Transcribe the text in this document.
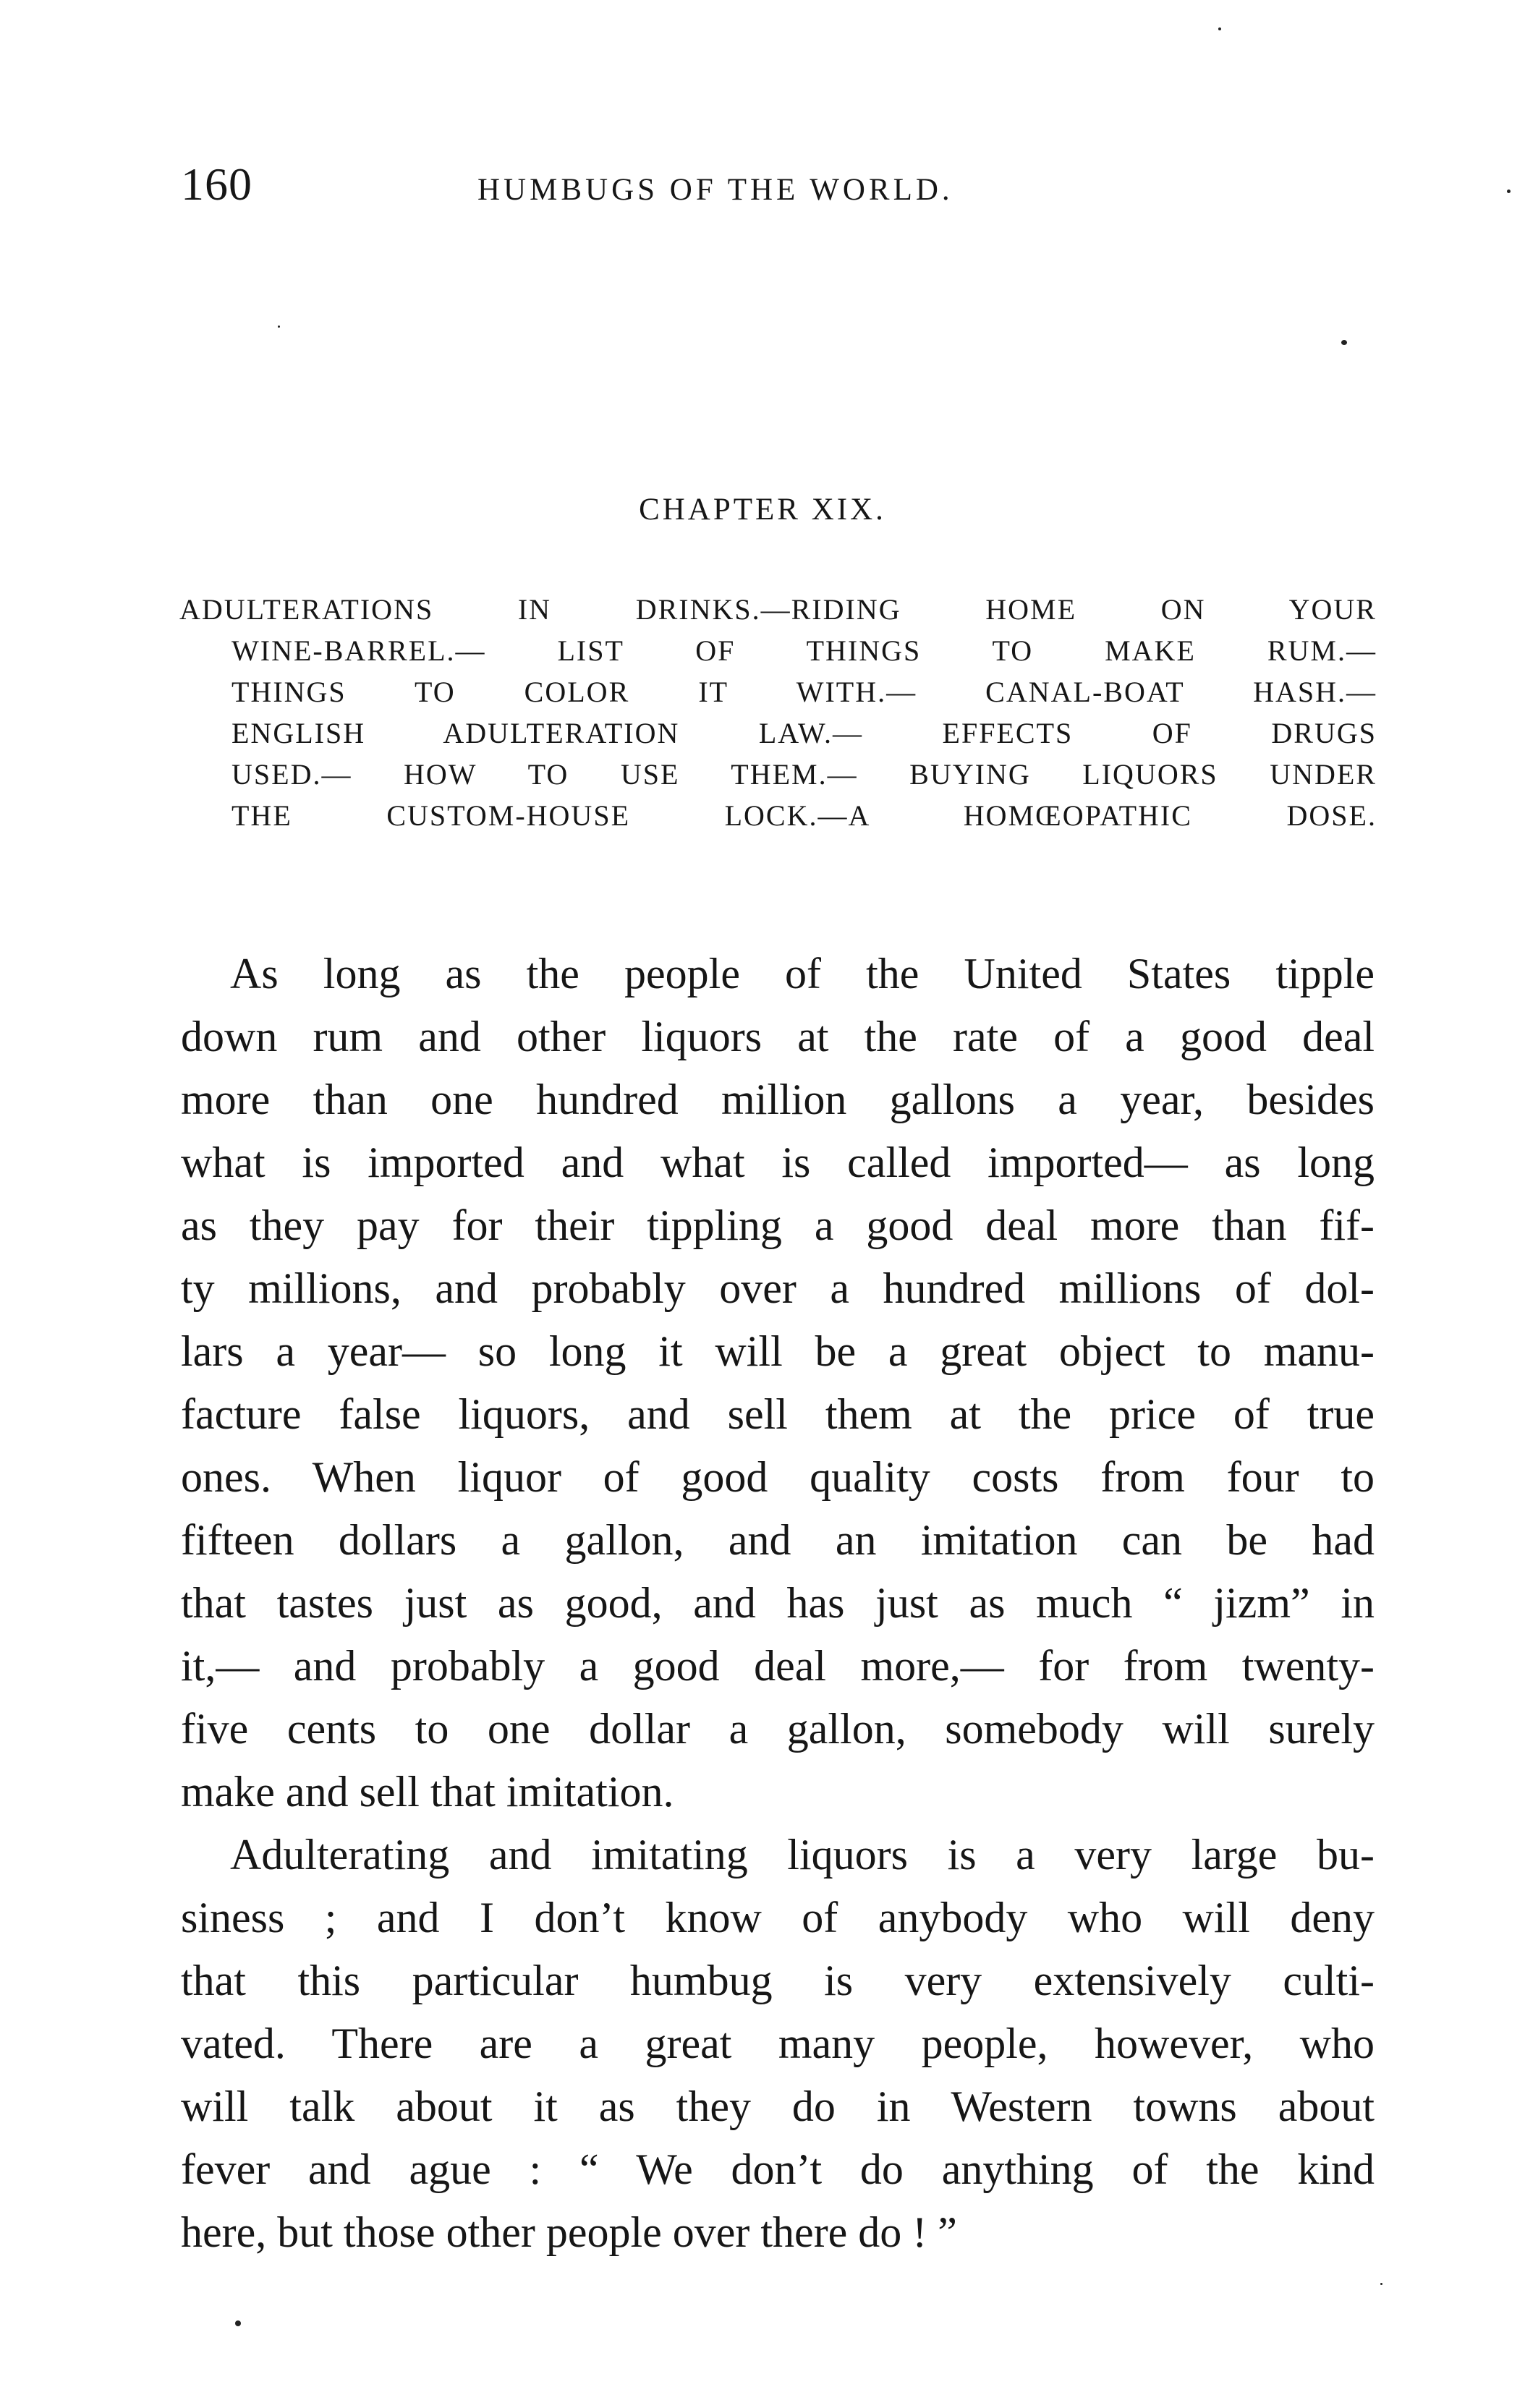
160	HUMBUGS OF THE WORLD.
CHAPTER XIX.
ADULTERATIONS IN DRINKS.—RIDING HOME ON YOUR
WINE-BARREL.— LIST OF THINGS TO MAKE RUM.—
THINGS TO COLOR IT WITH.— CANAL-BOAT HASH.—
ENGLISH ADULTERATION LAW.— EFFECTS OF DRUGS
USED.— HOW TO USE THEM.— BUYING LIQUORS UNDER
THE CUSTOM-HOUSE LOCK.—A HOMŒOPATHIC DOSE.
As long as the people of the United States tipple
down rum and other liquors at the rate of a good deal
more than one hundred million gallons a year, besides
what is imported and what is called imported— as long
as they pay for their tippling a good deal more than fif-
ty millions, and probably over a hundred millions of dol-
lars a year— so long it will be a great object to manu-
facture false liquors, and sell them at the price of true
ones. When liquor of good quality costs from four to
fifteen dollars a gallon, and an imitation can be had
that tastes just as good, and has just as much “ jizm” in
it,— and probably a good deal more,— for from twenty-
five cents to one dollar a gallon, somebody will surely
make and sell that imitation.
Adulterating and imitating liquors is a very large bu-
siness ; and I don’t know of anybody who will deny
that this particular humbug is very extensively culti-
vated. There are a great many people, however, who
will talk about it as they do in Western towns about
fever and ague : “ We don’t do anything of the kind
here, but those other people over there do ! ”
